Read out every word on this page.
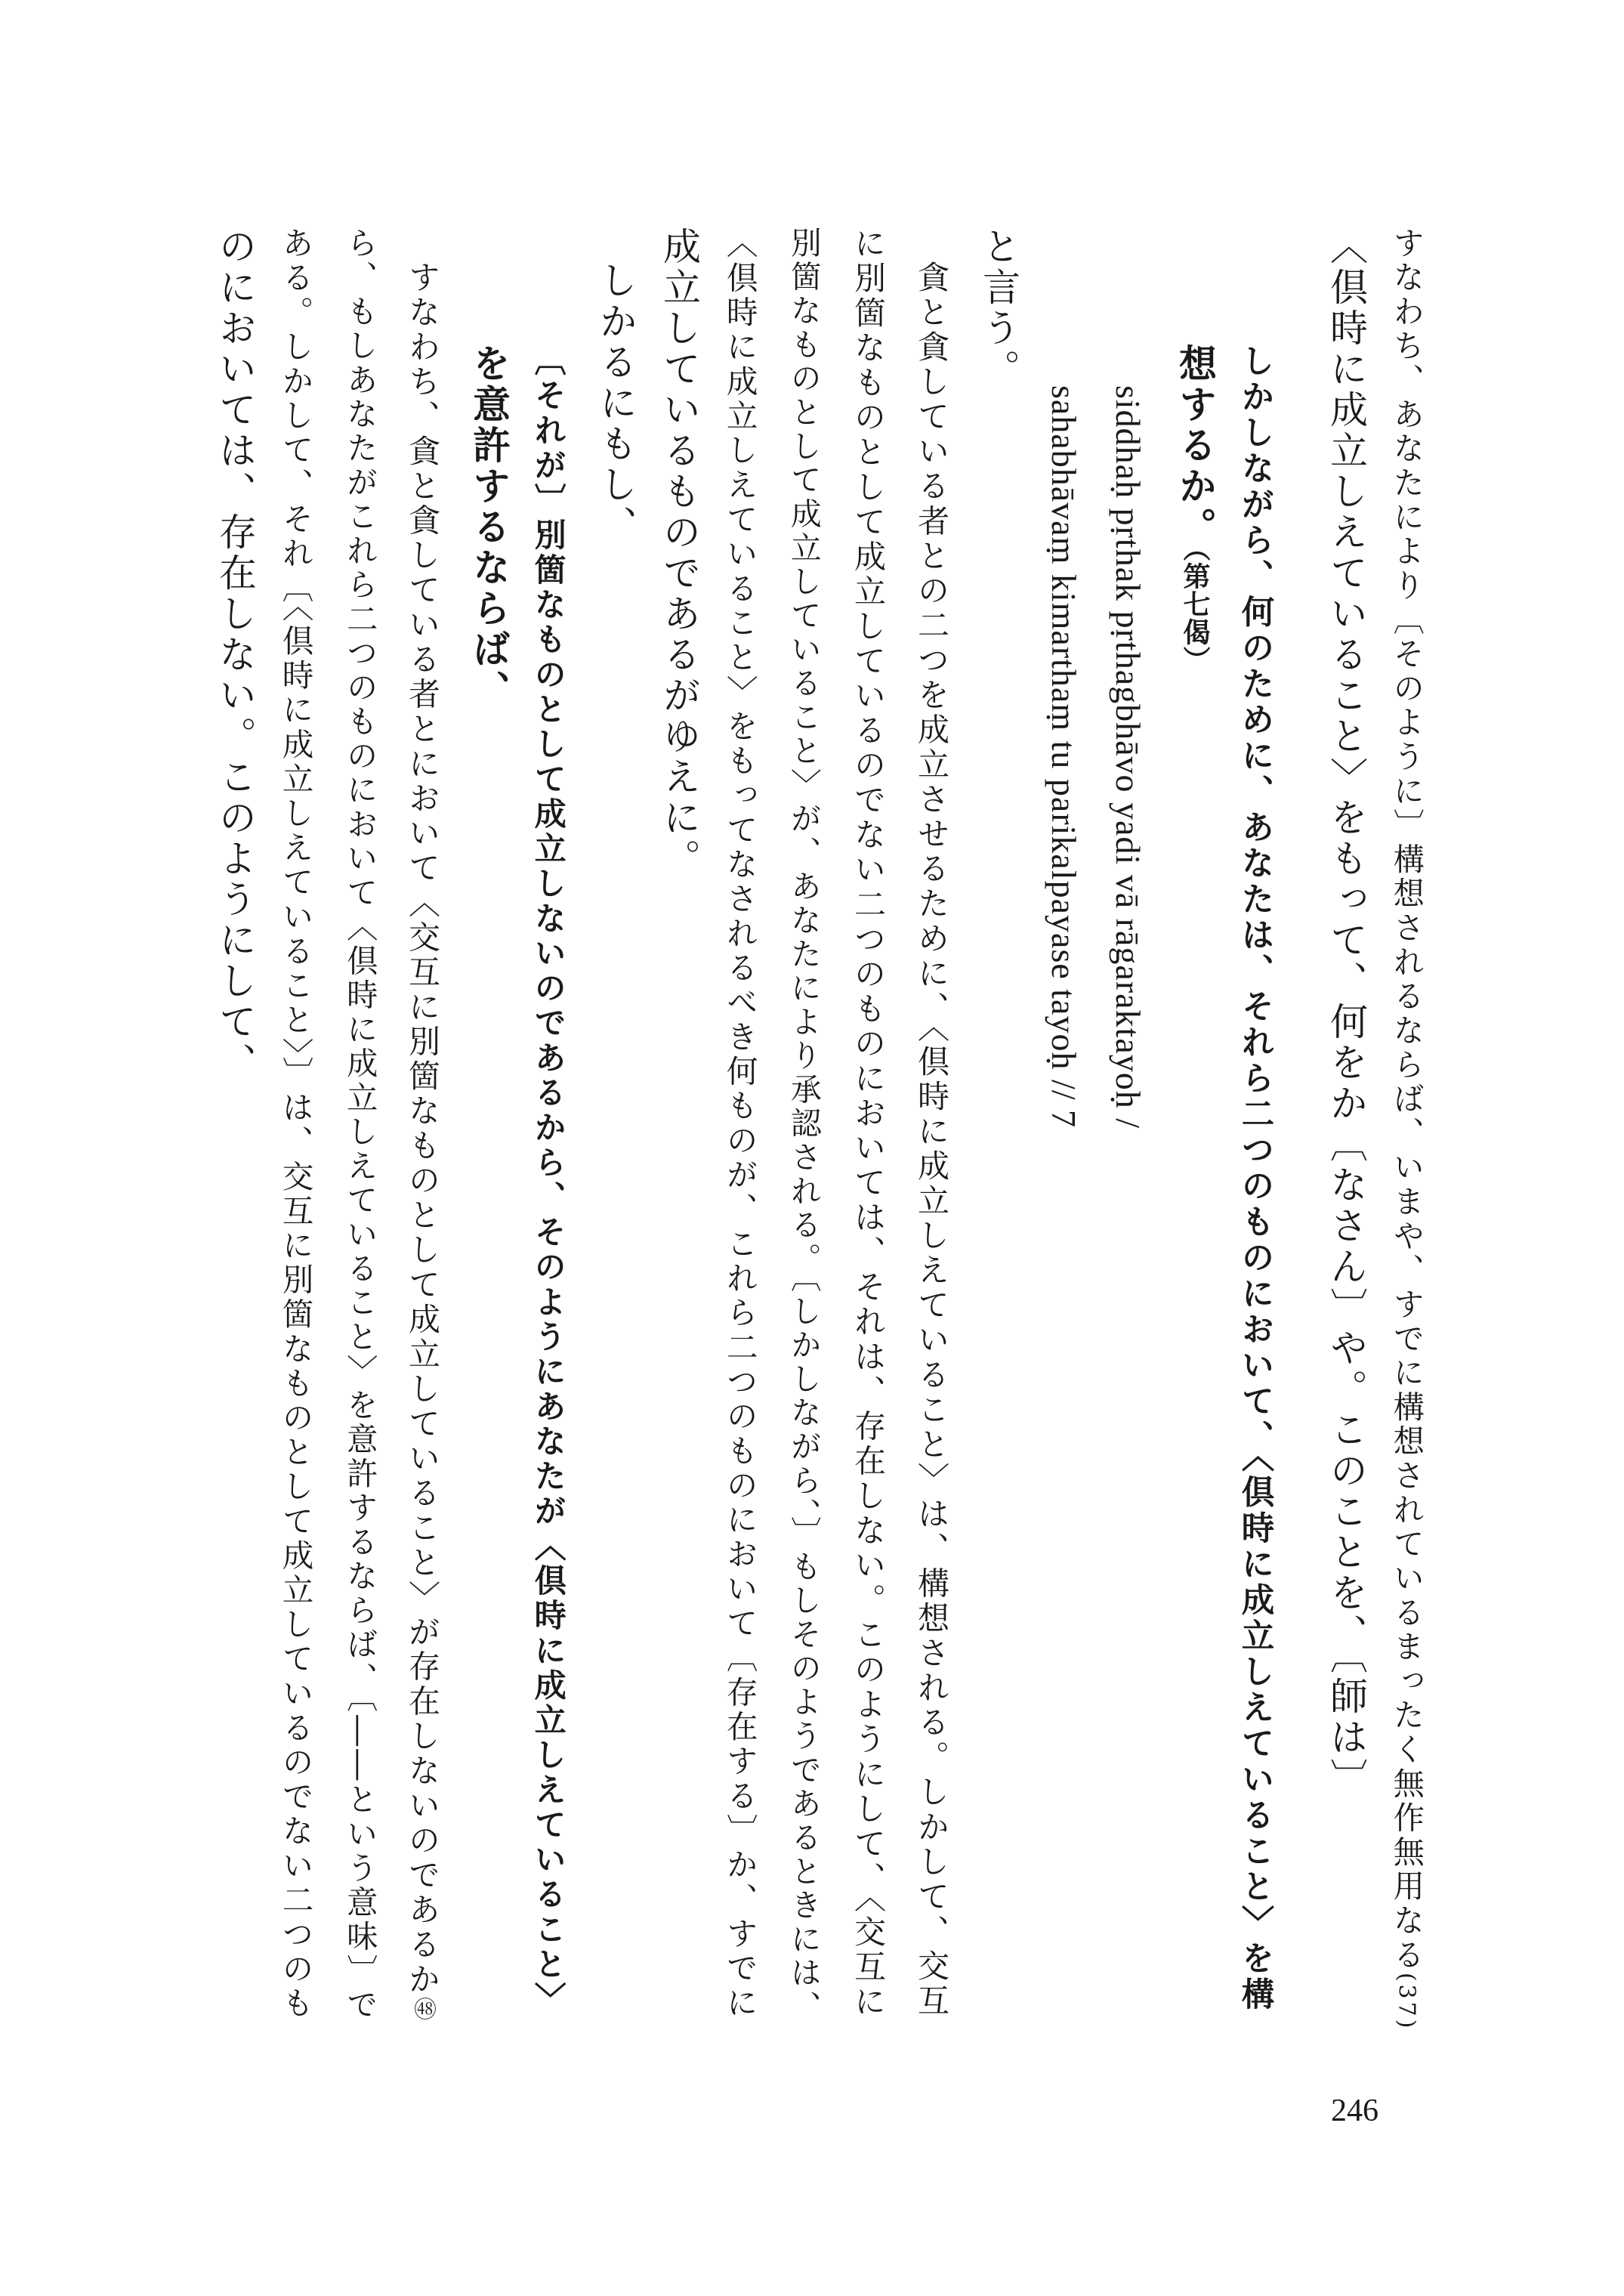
すなわち、あなたにより〔そのように〕構想されるならば、いまや、すでに構想されているまったく無作無用なる(37)
〈倶時に成立しえていること〉をもって、何をか〔なさん〕や。このことを、〔師は〕
しかしながら、何のために、あなたは、それら二つのものにおいて、〈倶時に成立しえていること〉を構
想するか。（第七偈）
siddhaḥ pṛthak pṛthagbhāvo yadi vā rāgaraktayoḥ /
sahabhāvaṃ kimarthaṃ tu parikalpayase tayoḥ // 7
と言う。
貪と貪している者との二つを成立させるために、〈倶時に成立しえていること〉は、構想される。しかして、交互
に別箇なものとして成立しているのでない二つのものにおいては、それは、存在しない。このようにして、〈交互に
別箇なものとして成立していること〉が、あなたにより承認される。〔しかしながら、〕もしそのようであるときには、
〈倶時に成立しえていること〉をもってなされるべき何ものが、これら二つのものにおいて〔存在する〕か、すでに
成立しているものであるがゆえに。
しかるにもし、
〔それが〕別箇なものとして成立しないのであるから、そのようにあなたが〈倶時に成立しえていること〉
を意許するならば、
すなわち、貪と貪している者とにおいて〈交互に別箇なものとして成立していること〉が存在しないのであるか㊽
ら、もしあなたがこれら二つのものにおいて〈倶時に成立しえていること〉を意許するならば、〔――という意味〕で
ある。しかして、それ〔〈倶時に成立しえていること〉〕は、交互に別箇なものとして成立しているのでない二つのも
のにおいては、存在しない。このようにして、
246
